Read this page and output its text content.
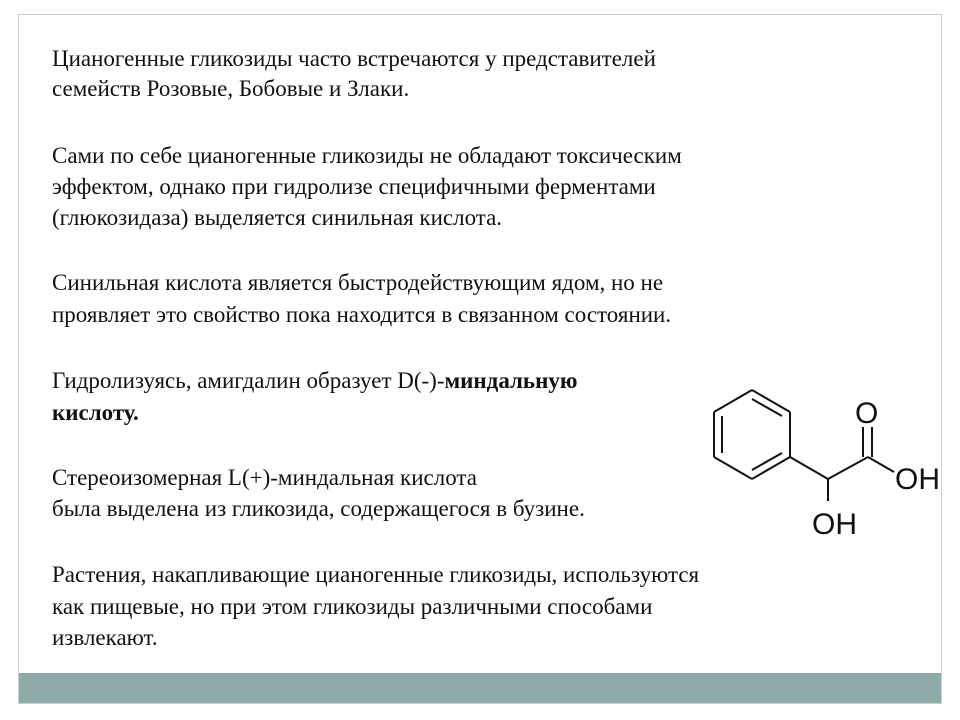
Цианогенные гликозиды часто встречаются у представителей
семейств Розовые, Бобовые и Злаки.
Сами по себе цианогенные гликозиды не обладают токсическим
эффектом, однако при гидролизе специфичными ферментами
(глюкозидаза) выделяется синильная кислота.
Синильная кислота является быстродействующим ядом, но не
проявляет это свойство пока находится в связанном состоянии.
Гидролизуясь, амигдалин образует D(-)-миндальную
кислоту.
Стереоизомерная L(+)-миндальная кислота
была выделена из гликозида, содержащегося в бузине.
Растения, накапливающие цианогенные гликозиды, используются
как пищевые, но при этом гликозиды различными способами
извлекают.
O
OH
OH
